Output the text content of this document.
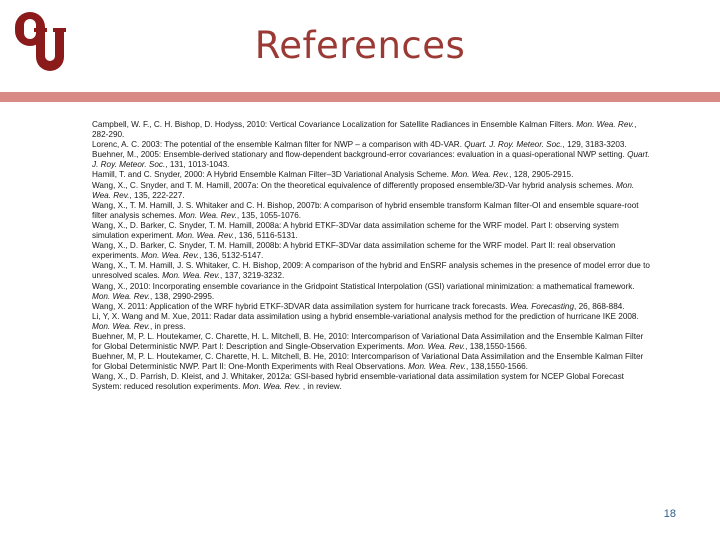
References

Campbell, W. F., C. H. Bishop, D. Hodyss, 2010: Vertical Covariance Localization for Satellite Radiances in Ensemble Kalman Filters. Mon. Wea. Rev., 282-290.

Lorenc, A. C. 2003: The potential of the ensemble Kalman filter for NWP – a comparison with 4D-VAR. Quart. J. Roy. Meteor. Soc., 129, 3183-3203.

Buehner, M., 2005: Ensemble-derived stationary and flow-dependent background-error covariances: evaluation in a quasi-operational NWP setting. Quart. J. Roy. Meteor. Soc., 131, 1013-1043.

Hamill, T. and C. Snyder, 2000: A Hybrid Ensemble Kalman Filter–3D Variational Analysis Scheme. Mon. Wea. Rev., 128, 2905-2915.

Wang, X., C. Snyder, and T. M. Hamill, 2007a: On the theoretical equivalence of differently proposed ensemble/3D-Var hybrid analysis schemes. Mon. Wea. Rev., 135, 222-227.

Wang, X., T. M. Hamill, J. S. Whitaker and C. H. Bishop, 2007b: A comparison of hybrid ensemble transform Kalman filter-OI and ensemble square-root filter analysis schemes. Mon. Wea. Rev., 135, 1055-1076.

Wang, X., D. Barker, C. Snyder, T. M. Hamill, 2008a: A hybrid ETKF-3DVar data assimilation scheme for the WRF model. Part I: observing system simulation experiment. Mon. Wea. Rev., 136, 5116-5131.

Wang, X., D. Barker, C. Snyder, T. M. Hamill, 2008b: A hybrid ETKF-3DVar data assimilation scheme for the WRF model. Part II: real observation experiments. Mon. Wea. Rev., 136, 5132-5147.

Wang, X., T. M. Hamill, J. S. Whitaker, C. H. Bishop, 2009: A comparison of the hybrid and EnSRF analysis schemes in the presence of model error due to unresolved scales. Mon. Wea. Rev., 137, 3219-3232.

Wang, X., 2010: Incorporating ensemble covariance in the Gridpoint Statistical Interpolation (GSI) variational minimization: a mathematical framework. Mon. Wea. Rev., 138, 2990-2995.

Wang, X. 2011: Application of the WRF hybrid ETKF-3DVAR data assimilation system for hurricane track forecasts. Wea. Forecasting, 26, 868-884.

Li, Y, X. Wang and M. Xue, 2011: Radar data assimilation using a hybrid ensemble-variational analysis method for the prediction of hurricane IKE 2008. Mon. Wea. Rev., in press.

Buehner, M, P. L. Houtekamer, C. Charette, H. L. Mitchell, B. He, 2010: Intercomparison of Variational Data Assimilation and the Ensemble Kalman Filter for Global Deterministic NWP. Part I: Description and Single-Observation Experiments. Mon. Wea. Rev., 138,1550-1566.

Buehner, M, P. L. Houtekamer, C. Charette, H. L. Mitchell, B. He, 2010: Intercomparison of Variational Data Assimilation and the Ensemble Kalman Filter for Global Deterministic NWP. Part II: One-Month Experiments with Real Observations. Mon. Wea. Rev., 138,1550-1566.

Wang, X., D. Parrish, D. Kleist, and J. Whitaker, 2012a: GSI-based hybrid ensemble-variational data assimilation system for NCEP Global Forecast System: reduced resolution experiments. Mon. Wea. Rev. , in review.

18
